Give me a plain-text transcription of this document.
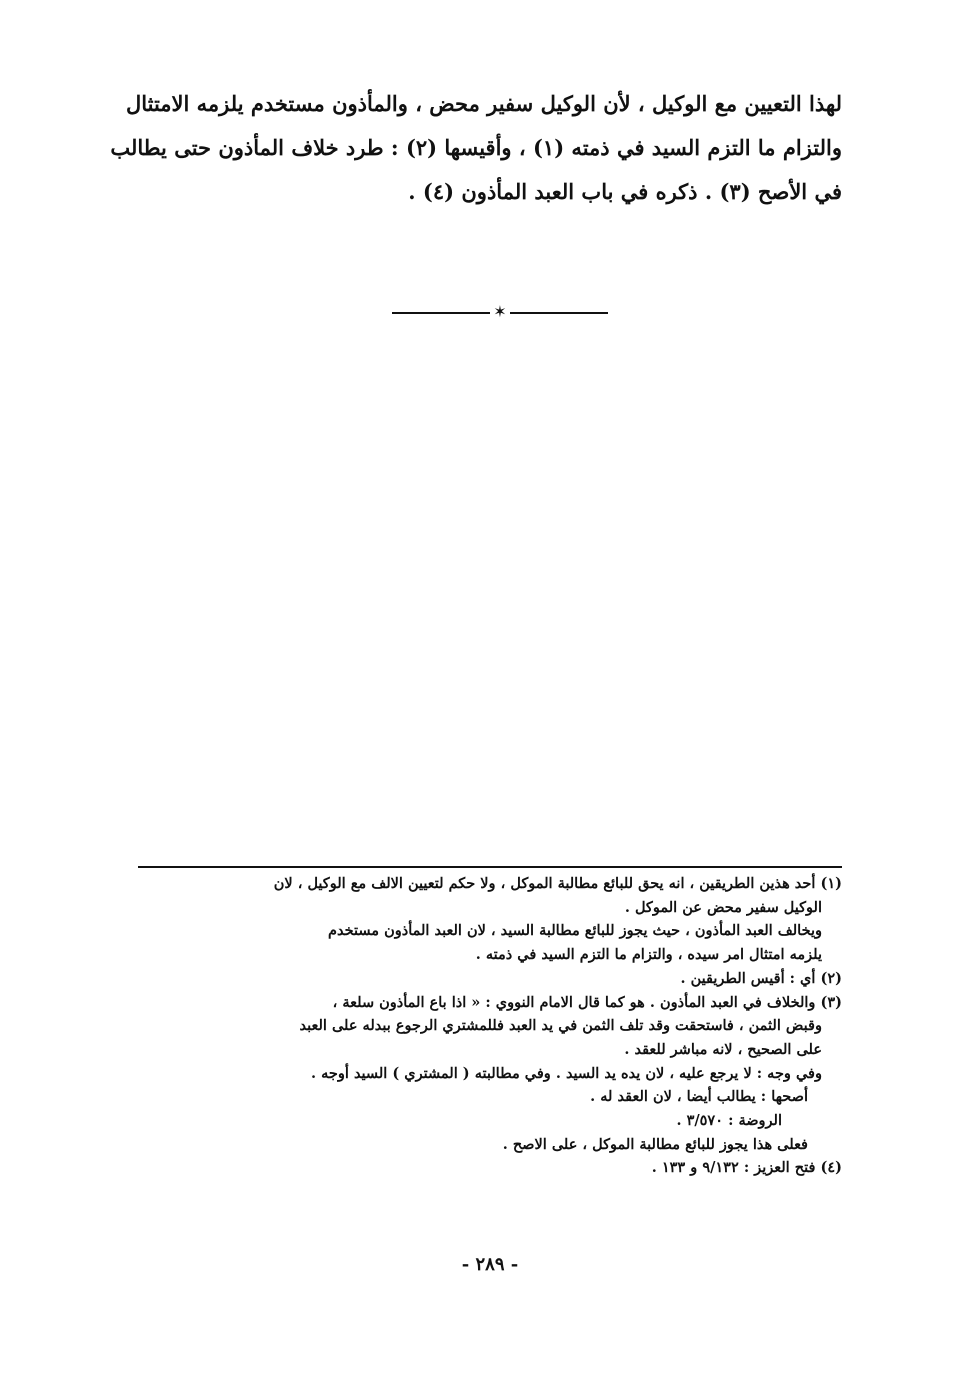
لهذا التعيين مع الوكيل ، لأن الوكيل سفير محض ، والمأذون مستخدم يلزمه الامتثال
والتزام ما التزم السيد في ذمته (١) ، وأقيسها (٢) : طرد خلاف المأذون حتى يطالب
في الأصح (٣) . ذكره في باب العبد المأذون (٤) .
✶
(١) أحد هذين الطريقين ، انه يحق للبائع مطالبة الموكل ، ولا حكم لتعيين الالف مع الوكيل ، لان
الوكيل سفير محض عن الموكل .
ويخالف العبد المأذون ، حيث يجوز للبائع مطالبة السيد ، لان العبد المأذون مستخدم
يلزمه امتثال امر سيده ، والتزام ما التزم السيد في ذمته .
(٢) أي : أقيس الطريقين .
(٣) والخلاف في العبد المأذون . هو كما قال الامام النووي : « اذا باع المأذون سلعة ،
وقبض الثمن ، فاستحقت وقد تلف الثمن في يد العبد فللمشتري الرجوع ببدله على العبد
على الصحيح ، لانه مباشر للعقد .
وفي وجه : لا يرجع عليه ، لان يده يد السيد . وفي مطالبته ( المشتري ) السيد أوجه .
أصحها : يطالب أيضا ، لان العقد له .
الروضة : ٣/٥٧٠ .
فعلى هذا يجوز للبائع مطالبة الموكل ، على الاصح .
(٤) فتح العزيز : ٩/١٣٢ و ١٣٣ .
- ٢٨٩ -
